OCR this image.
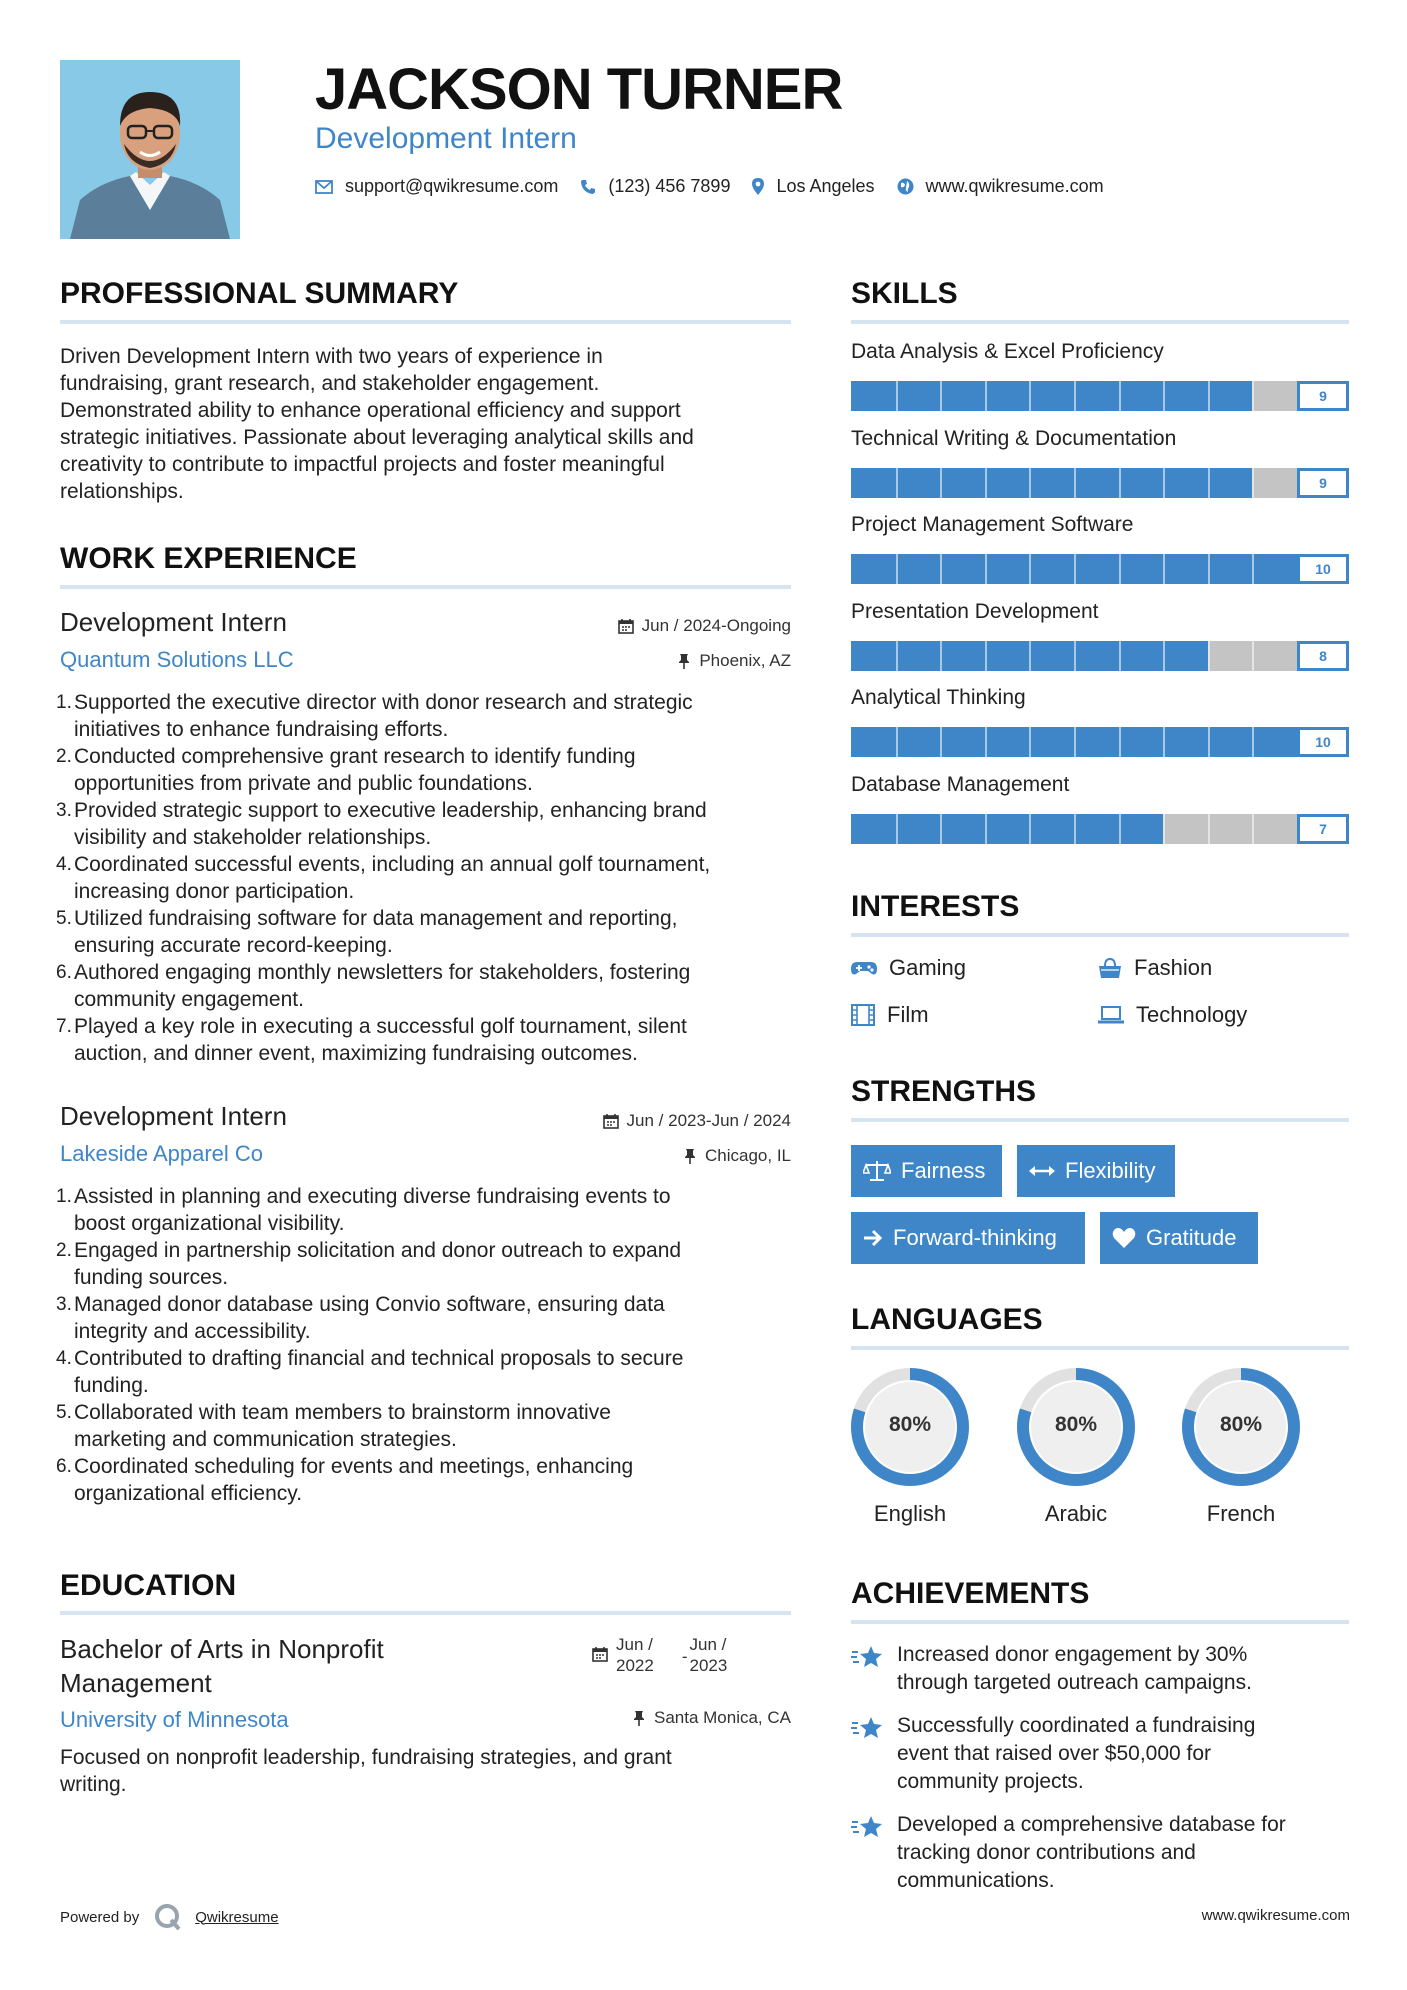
JACKSON TURNER
Development Intern
support@qwikresume.com	(123) 456 7899	Los Angeles	www.qwikresume.com
PROFESSIONAL SUMMARY
Driven Development Intern with two years of experience in
fundraising, grant research, and stakeholder engagement.
Demonstrated ability to enhance operational efficiency and support
strategic initiatives. Passionate about leveraging analytical skills and
creativity to contribute to impactful projects and foster meaningful
relationships.
WORK EXPERIENCE
Development Intern
Quantum Solutions LLC
Jun / 2024-Ongoing
Phoenix, AZ
1. Supported the executive director with donor research and strategic
initiatives to enhance fundraising efforts.
2. Conducted comprehensive grant research to identify funding
opportunities from private and public foundations.
3. Provided strategic support to executive leadership, enhancing brand
visibility and stakeholder relationships.
4. Coordinated successful events, including an annual golf tournament,
increasing donor participation.
5. Utilized fundraising software for data management and reporting,
ensuring accurate record-keeping.
6. Authored engaging monthly newsletters for stakeholders, fostering
community engagement.
7. Played a key role in executing a successful golf tournament, silent
auction, and dinner event, maximizing fundraising outcomes.
Development Intern
Lakeside Apparel Co
Jun / 2023-Jun / 2024
Chicago, IL
1. Assisted in planning and executing diverse fundraising events to
boost organizational visibility.
2. Engaged in partnership solicitation and donor outreach to expand
funding sources.
3. Managed donor database using Convio software, ensuring data
integrity and accessibility.
4. Contributed to drafting financial and technical proposals to secure
funding.
5. Collaborated with team members to brainstorm innovative
marketing and communication strategies.
6. Coordinated scheduling for events and meetings, enhancing
organizational efficiency.
EDUCATION
Bachelor of Arts in Nonprofit
Management
Jun /
2022 -
Jun /
2023
University of Minnesota	Santa Monica, CA
Focused on nonprofit leadership, fundraising strategies, and grant
writing.
SKILLS
Data Analysis & Excel Proficiency
9
Technical Writing & Documentation
9
Project Management Software
10
Presentation Development
8
Analytical Thinking
10
Database Management
7
INTERESTS
Gaming	Fashion
Film	Technology
STRENGTHS
Fairness	Flexibility
Forward-thinking	Gratitude
LANGUAGES
80%
English
80%
Arabic
80%
French
ACHIEVEMENTS
Increased donor engagement by 30%
through targeted outreach campaigns.
Successfully coordinated a fundraising
event that raised over $50,000 for
community projects.
Developed a comprehensive database for
tracking donor contributions and
communications.
Powered by	Qwikresume	www.qwikresume.com
